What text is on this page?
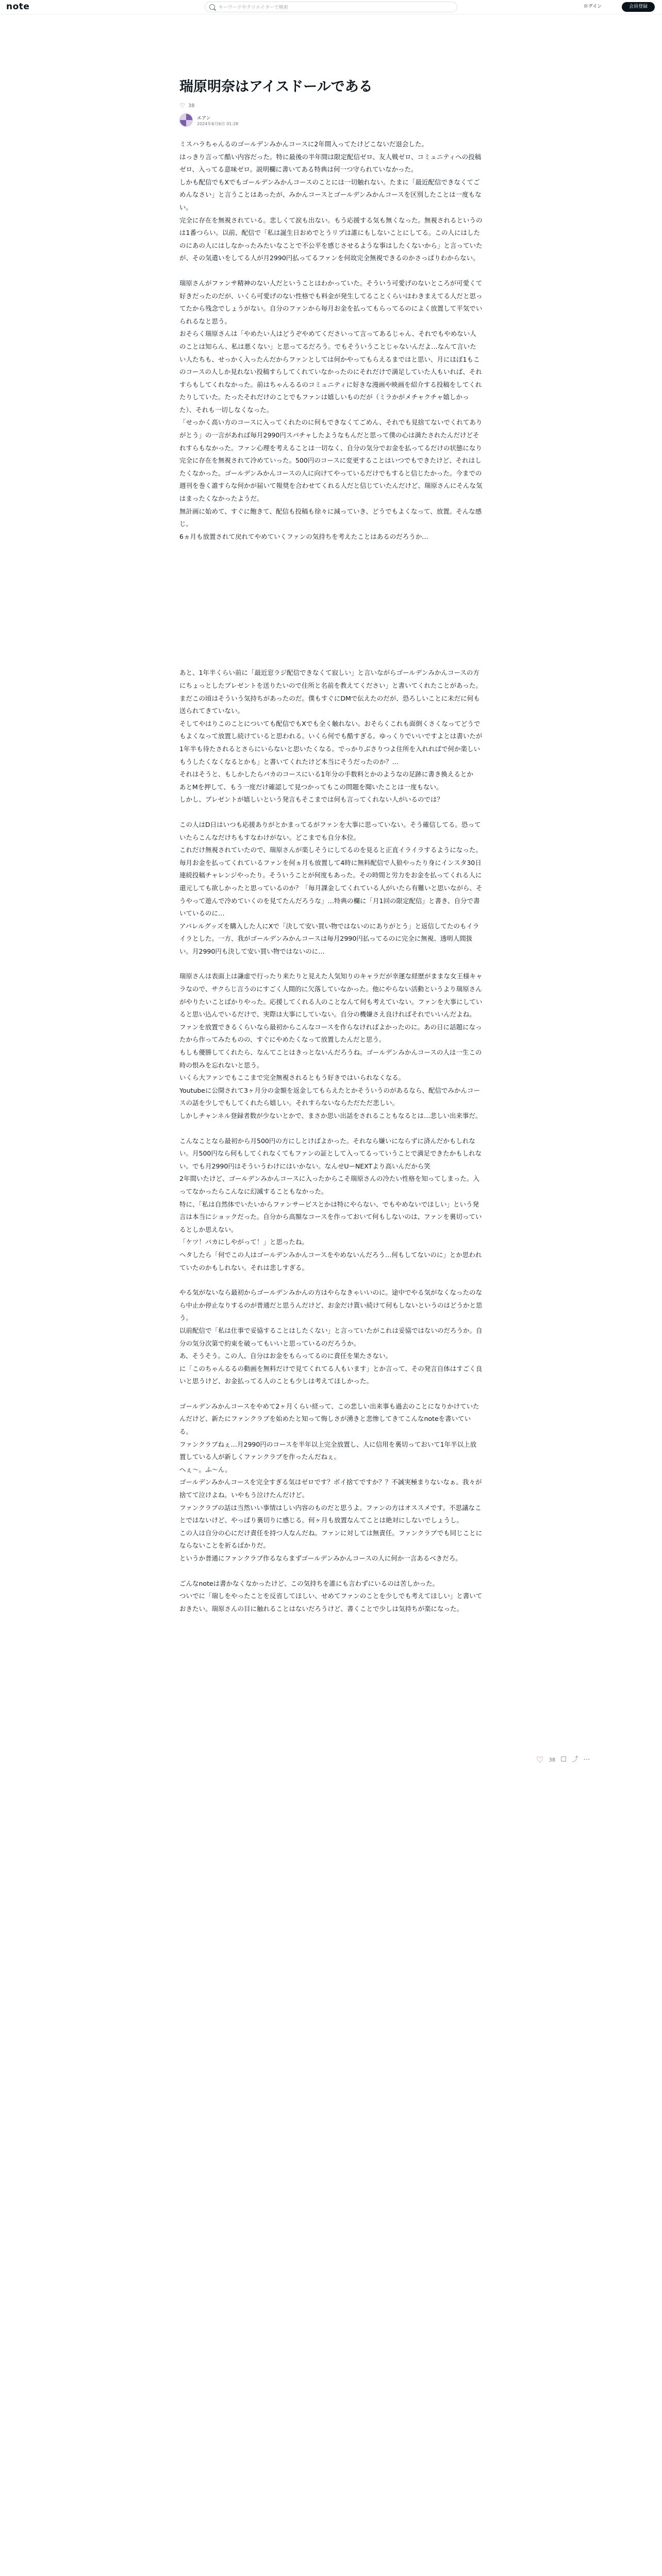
note
キーワードやクリエイターで検索	ログイン	会員登録
瑞原明奈はアイスドールである
♡ 38
エアン
2024年6月6日 01:28

ミスハラちゃんるのゴールデンみかんコースに2年間入ってたけどこないだ退会した。
はっきり言って酷い内容だった。特に最後の半年間は限定配信ゼロ、友人戦ゼロ、コミュニティへの投稿ゼロ、入ってる意味ゼロ。説明欄に書いてある特典は何一つ守られていなかった。
しかも配信でもXでもゴールデンみかんコースのことには一切触れない。たまに「最近配信できなくてごめんなさい」と言うことはあったが、みかんコースとゴールデンみかんコースを区別したことは一度もない。
完全に存在を無視されている。悲しくて涙も出ない。もう応援する気も無くなった。無視されるというのは1番つらい。以前、配信で「私は誕生日おめでとうリプは誰にもしないことにしてる。この人にはしたのにあの人にはしなかったみたいなことで不公平を感じさせるような事はしたくないから」と言っていたが、その気遣いをしてる人が月2990円払ってるファンを何故完全無視できるのかさっぱりわからない。

瑞原さんがファンサ精神のない人だということはわかっていた。そういう可愛げのないところが可愛くて好きだったのだが、いくら可愛げのない性格でも料金が発生してることくらいはわきまえてる人だと思ってたから残念でしょうがない。自分のファンから毎月お金を払ってもらってるのによく放置して平気でいられるなと思う。
おそらく瑞原さんは「やめたい人はどうぞやめてくださいって言ってあるじゃん、それでもやめない人のことは知らん、私は悪くない」と思ってるだろう。でもそういうことじゃないんだよ…なんて言いたい人たちも、せっかく入ったんだからファンとしては何かやってもらえるまではと思い、月にほぼ1もこのコースの人しか見れない投稿すらしてくれていなかったのにそれだけで満足していた人もいれば、それすらもしてくれなかった。前はちゃんるるのコミュニティに好きな漫画や映画を紹介する投稿をしてくれたりしていた。たったそれだけのことでもファンは嬉しいものだが（ミラかがメチャクチャ嬉しかった）、それも一切しなくなった。
「せっかく高い方のコースに入ってくれたのに何もできなくてごめん、それでも見捨てないでくれてありがとう」の一言があれば毎月2990円スパチャしたようなもんだと思って僕の心は満たされたんだけどそれすらもなかった。ファン心理を考えることは一切なく、自分の気分でお金を払ってるだけの状態になり完全に存在を無視されて冷めていった。500円のコースに変更することはいつでもできたけど、それはしたくなかった。ゴールデンみかんコースの人に向けてやっているだけでもすると信じたかった。今までの週刊を巻く誰すらな何かが届いて報奨を合わせてくれる人だと信じていたんだけど、瑞原さんにそんな気はまったくなかったようだ。
無計画に始めて、すぐに飽きて、配信も投稿も徐々に減っていき、どうでもよくなって、放置。そんな感じ。
6ヵ月も放置されて戻れてやめていくファンの気持ちを考えたことはあるのだろうか…

あと、1年半くらい前に「最近窓ラジ配信できなくて寂しい」と言いながらゴールデンみかんコースの方にちょっとしたプレゼントを送りたいので住所と名前を教えてください」と書いてくれたことがあった。まだこの頃はそういう気持ちがあったのだ。僕もすぐにDMで伝えたのだが、恐ろしいことに未だに何も送られてきていない。
そしてやはりこのことについても配信でもXでも全く触れない。おそらくこれも面倒くさくなってどうでもよくなって放置し続けていると思われる。いくら何でも酷すぎる。ゆっくりでいいですよとは書いたが1年半も待たされるとさらにいらないと思いたくなる。でっかりぶさりつよ住所を入れればで何か楽しいもうしたくなくなるとかも」と書いてくれたけど本当にそうだったのか？…
それはそうと、もしかしたらバカのコースにいる1年分の手数料とかのようなの足跡に書き換えるとか
あとMを押して、もう一度だけ確認して見つかってもこの問題を聞いたことは一度もない。
しかし、プレゼントが嬉しいという発言もそこまでは何も言ってくれない人がいるのでは？

この人はD日はいつも応援ありがとかまってるがファンを大事に思っていない。そう確信してる。恐っていたらこんなだけちもすなわけがない。どこまでも自分本位。
これだけ無視されていたので、瑞原さんが楽しそうにしてるのを見ると正直イライラするようになった。毎月お金を払ってくれているファンを何ヵ月も放置して4時に無料配信で人狼やったり身にインスタ30日連続投稿チャレンジやったり。そういうことが何度もあった。その時間と労力をお金を払ってくれる人に還元しても欲しかったと思っているのか？「毎月課金してくれている人がいたら有難いと思いながら、そうやって遊んで冷めていくのを見てたんだろうな」…特典の欄に「月1回の限定配信」と書き、自分で書いているのに…
アパレルグッズを購入した人にXで「決して安い買い物ではないのにありがとう」と返信してたのもイライラとした。一方、我がゴールデンみかんコースは毎月2990円払ってるのに完全に無視、透明人間扱い。月2990円も決して安い買い物ではないのに…

瑞原さんは表面上は謙虚で行ったり来たりと見えた人気知りのキャラだが幸運な経歴がままな女王様キャラなので、サクらじ言うのにすごく人間的に欠落していなかった。他にやらない活動というより瑞原さんがやりたいことばかりやった。応援してくれる人のことなんて何も考えていない。ファンを大事にしていると思い込んでいるだけで、実際は大事にしていない。自分の機嫌さえ良ければそれでいいんだよね。
ファンを放置できるくらいなら最初からこんなコースを作らなければよかったのに。あの日に話題になったから作ってみたものの、すぐにやめたくなって放置したんだと思う。
もしも優勝してくれたら、なんてことはきっとないんだろうね。ゴールデンみかんコースの人は一生この時の恨みを忘れないと思う。
いくら大ファンでもここまで完全無視されるともう好きではいられなくなる。
Youtubeに公開されて3ヶ月分の金額を返金してもらえたとかそういうのがあるなら、配信でみかんコースの話を少しでもしてくれたら嬉しい。それすらないならただただ悲しい。
しかしチャンネル登録者数が少ないとかで、まさか思い出話をされることもなるとは…悲しい出来事だ。

こんなことなら最初から月500円の方にしとけばよかった。それなら嫌いにならずに済んだかもしれない。月500円なら何もしてくれなくてもファンの証として入ってるっていうことで満足できたかもしれない。でも月2990円はそういうわけにはいかない。なんせUーNEXTより高いんだから笑
2年間いたけど、ゴールデンみかんコースに入ったからこそ瑞原さんの冷たい性格を知ってしまった。入ってなかったらこんなに幻滅することもなかった。
特に、「私は自然体でいたいからファンサービスとかは特にやらない、でもやめないでほしい」という発言は本当にショックだった。自分から高額なコースを作っておいて何もしないのは、ファンを裏切っているとしか思えない。
「ケツ！バカにしやがって！」と思ったね。
ヘタしたら「何でこの人はゴールデンみかんコースをやめないんだろう…何もしてないのに」とか思われていたのかもしれない。それは悲しすぎる。

やる気がないなら最初からゴールデンみかんの方はやらなきゃいいのに。途中でやる気がなくなったのなら中止か停止なりするのが普通だと思うんだけど、お金だけ貰い続けて何もしないというのはどうかと思う。
以前配信で「私は仕事で妥協することはしたくない」と言っていたがこれは妥協ではないのだろうか。自分の気分次第で約束を破ってもいいと思っているのだろうか。
あ、そうそう。この人、自分はお金をもらってるのに責任を果たさない。
に「このちゃんるるの動画を無料だけで見てくれてる人もいます」とか言って、その発言自体はすごく良いと思うけど、お金払ってる人のことも少しは考えてほしかった。

ゴールデンみかんコースをやめて2ヶ月くらい経って、この悲しい出来事も過去のことになりかけていたんだけど、新たにファンクラブを始めたと知って悔しさが湧きと悲惨してきてこんなnoteを書いている。
ファンクラブねぇ…月2990円のコースを半年以上完全放置し、人に信用を裏切っておいて1年半以上放置している人が新しくファンクラブを作ったんだねぇ。
へぇ〜。ふ〜ん。
ゴールデンみかんコースを完全すぎる気はゼロです？ボイ捨てですか？？不誠実極まりないなぁ。我々が捨てて泣けよね。いやもう泣けたんだけど。
ファンクラブの話は当然いい事情はしい内容のものだと思うよ。ファンの方はオススメです。不思議なことではないけど、やっぱり裏切りに感じる。何ヶ月も放置なんてことは絶対にしないでしょうし。
この人は自分の心にだけ責任を持つ人なんだね。ファンに対しては無責任。ファンクラブでも同じことにならないことを祈るばかりだ。
というか普通にファンクラブ作るならまずゴールデンみかんコースの人に何か一言あるべきだろ。

ごんなnoteは書かなくなかったけど、この気持ちを誰にも言わずにいるのは苦しかった。
ついでに「瑞しをやったことを反省してほしい、せめてファンのことを少しでも考えてほしい」と書いておきたい。瑞原さんの目に触れることはないだろうけど、書くことで少しは気持ちが楽になった。

♡ 38 ☐ ⤴ ⋯
